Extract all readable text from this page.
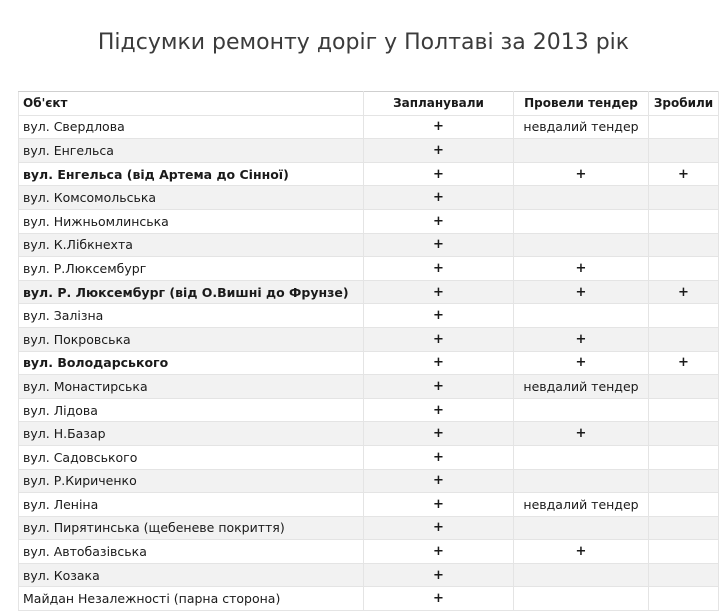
Підсумки ремонту доріг у Полтаві за 2013 рік
Об'єкт	Запланували	Провели тендер	Зробили
вул. Свердлова	+	невдалий тендер	
вул. Енгельса	+		
вул. Енгельса (від Артема до Сінної)	+	+	+
вул. Комсомольська	+		
вул. Нижньомлинська	+		
вул. К.Лібкнехта	+		
вул. Р.Люксембург	+	+	
вул. Р. Люксембург (від О.Вишні до Фрунзе)	+	+	+
вул. Залізна	+		
вул. Покровська	+	+	
вул. Володарського	+	+	+
вул. Монастирська	+	невдалий тендер	
вул. Лідова	+		
вул. Н.Базар	+	+	
вул. Садовського	+		
вул. Р.Кириченко	+		
вул. Леніна	+	невдалий тендер	
вул. Пирятинська (щебеневе покриття)	+		
вул. Автобазівська	+	+	
вул. Козака	+		
Майдан Незалежності (парна сторона)	+		
